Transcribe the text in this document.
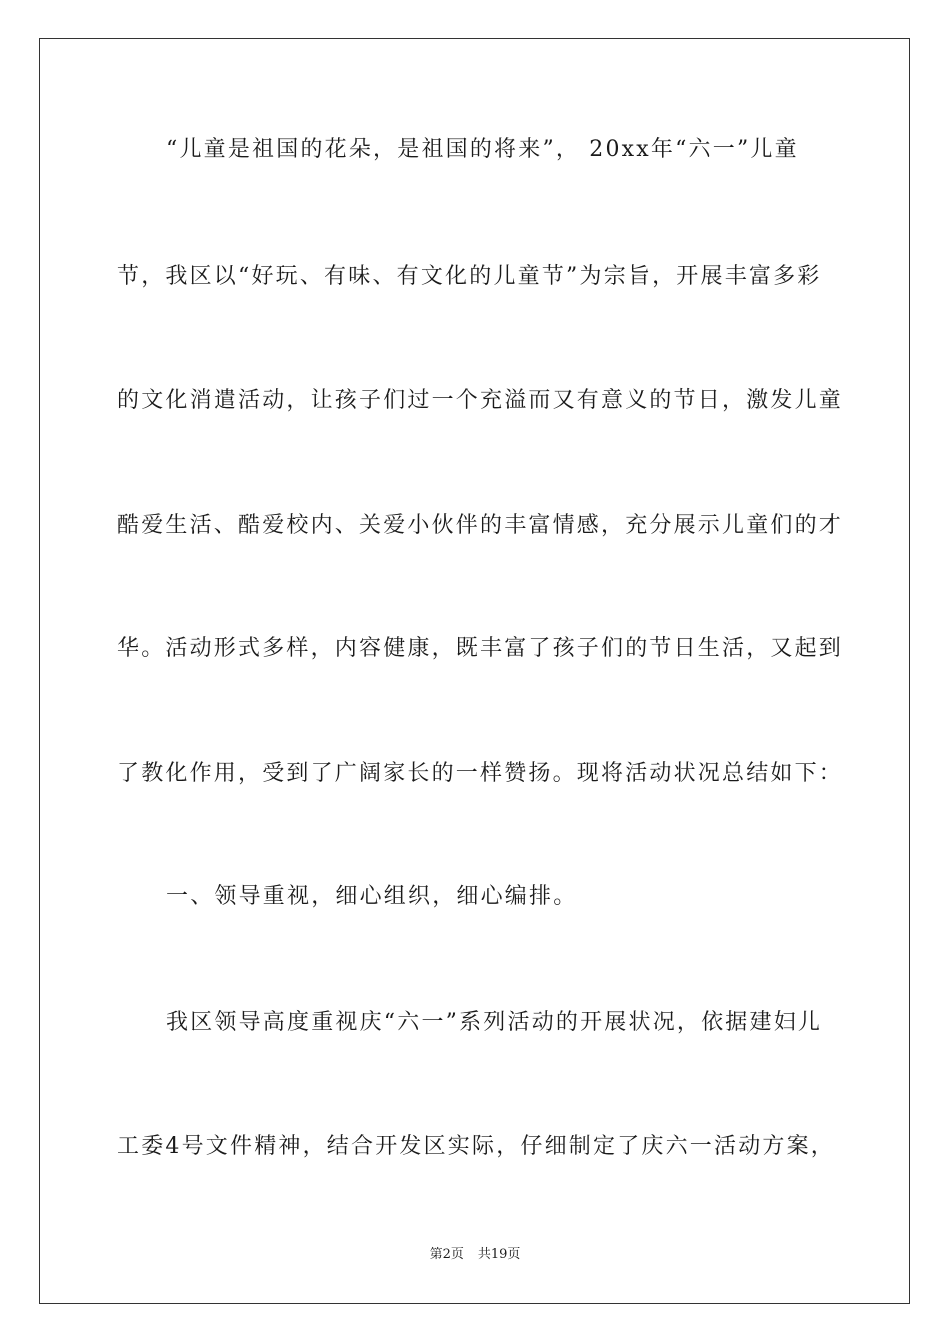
“儿童是祖国的花朵，是祖国的将来”， 20xx年“六一”儿童
节，我区以“好玩、有味、有文化的儿童节”为宗旨，开展丰富多彩
的文化消遣活动，让孩子们过一个充溢而又有意义的节日，激发儿童
酷爱生活、酷爱校内、关爱小伙伴的丰富情感，充分展示儿童们的才
华。活动形式多样，内容健康，既丰富了孩子们的节日生活，又起到
了教化作用，受到了广阔家长的一样赞扬。现将活动状况总结如下：
一、领导重视，细心组织，细心编排。
我区领导高度重视庆“六一”系列活动的开展状况，依据建妇儿
工委4号文件精神，结合开发区实际，仔细制定了庆六一活动方案，
第2页 共19页
